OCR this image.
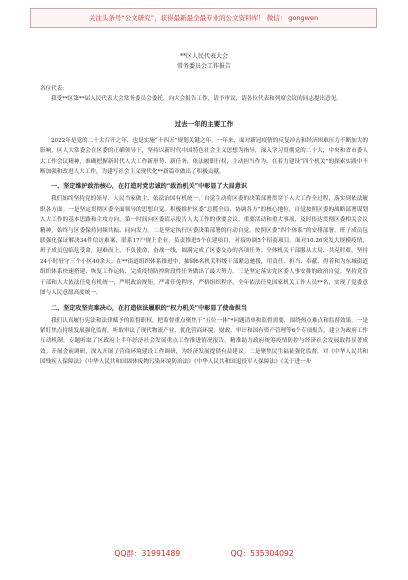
关注头条号“公文研究”，获得最新最全最专业的公文资料库！ 微信： gongwen
**区人民代表大会
常务委员会工作报告

各位代表：

我受**区第**届人民代表大会常务委员会委托，向大会报告工作，请予审议，请各位代表和列席会议的同志提出意见。

过去一年的主要工作

2022年是党的二十大召开之年，也是实施“十四五”规划关键之年。一年来，面对新冠疫情的反复冲击和经济困难压力不断加大的影响，区人大常委会在区委的正确领导下，坚持以新时代中国特色社会主义思想为指导，深入学习贯彻党的二十大，中央和省市委人大工作会议精神，准确把握新时代人大工作新形势、新任务，依法履职行权，主动担当作为，在着力建设“四个机关”的探索实践中不断加强和改进人大工作，为建写社会主义现代化**新篇章做出了积极贡献。

一、坚定维护政治核心，在打造对党忠诚的“政治机关”中彰显了大局意识

我们始终坚持党的领导、人民当家做主、依法治国有机统一，自觉主动将区委的决策部署贯穿于人大工作全过程，落实到依法履职各方面。一是坚定贯彻区委全面领导的思想自觉。积极维护区委“总揽全局、协调各方”的核心地位，自觉按照区委的战略部署谋划人大工作的基本思路和主攻方向，第一时间向区委请示报告人大工作的重要会议、重要活动和重大事项，及时传达贯彻区委相关会议精神，始终与区委保持同频共振、同向发力。二是坚定执行区委决策部署的行动自觉。按照区委“四个体系”的安排部署，班子成员包联强化保证解决34件信访难案，联系17户规上企业，负责推进5个在建项目，对接协调5个招商项目。面对10.26突发大规模疫情，班子成员包临危受命，迎难而上，不负使命，奋战一线，圆满完成了区委交办的各项任务；全体机关干部服从大局、共克时艰，坚持24小时驻守三个小区40余天；在**街道组织体系推进中，抽调6名机关科级干部紧急驰援，用责任、担当、奉献、得着和为东城街道组织体系快速搭建、恢复工作运转、完成疫情防控阶段性任务做出了最大努力。三是坚定落实党区委人事安排的政治自觉。坚持党管干部和人大依法任免有机统一，严明政治规矩，严肃任免程序，严格组织程序。全年依法任免国家机关工作人员**名，实现了党委意图与人民意愿高度统一。

二、坚定攻坚克难决心，在打造依法履职的“权力机关”中彰显了使命担当

我们认真履行宪法和法律赋予的监督职权，把监督重点聚焦于“五位一体”*问题清单和监督需要，围绕热点难点和监督效果，一是紧盯焦点持续发展强化监督。听取审议了现代物流产业、优化营商环境、财政、审计和国有资产管理等6个专项报告，建立为政府工作互动机制。专题听取了区政府上半年经济社会发展重点工作推进情况报告，精准助力政府统筹疫情防控与经济社会发展取得显著成效。开展会前调研，深入开展了营商环境建设工作调研，为经济发展提供有益建议。二是聚焦民生福祉强化监督。对《中华人民共和国残疾人保障法》《中华人民共和国固体废物污染环境防治法》《中华人民共和国退役军人保障法》《关于进一步

QQ群：31991489	QQ：535304092
